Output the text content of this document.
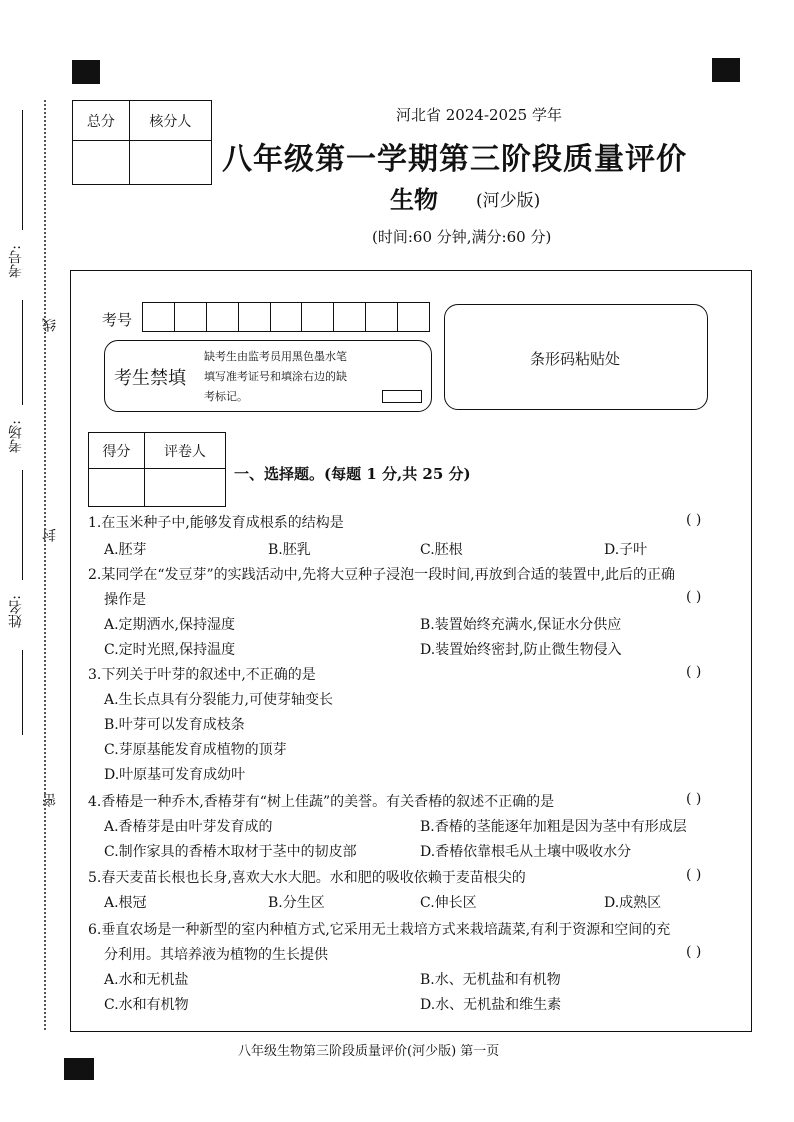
考号:
线
考场:
封
姓名:
密
总分	核分人
		河北省 2024-2025 学年
八年级第一学期第三阶段质量评价
生物 (河少版)
(时间:60 分钟,满分:60 分)
考号
考生禁填
缺考生由监考员用黑色墨水笔
填写准考证号和填涂右边的缺
考标记。
条形码粘贴处
得分	评卷人

一、选择题。(每题 1 分,共 25 分)
1.在玉米种子中,能够发育成根系的结构是	( )
A.胚芽	B.胚乳	C.胚根	D.子叶
2.某同学在“发豆芽”的实践活动中,先将大豆种子浸泡一段时间,再放到合适的装置中,此后的正确
操作是	( )
A.定期洒水,保持湿度	B.装置始终充满水,保证水分供应
C.定时光照,保持温度	D.装置始终密封,防止微生物侵入
3.下列关于叶芽的叙述中,不正确的是	( )
A.生长点具有分裂能力,可使芽轴变长
B.叶芽可以发育成枝条
C.芽原基能发育成植物的顶芽
D.叶原基可发育成幼叶
4.香椿是一种乔木,香椿芽有“树上佳蔬”的美誉。有关香椿的叙述不正确的是	( )
A.香椿芽是由叶芽发育成的	B.香椿的茎能逐年加粗是因为茎中有形成层
C.制作家具的香椿木取材于茎中的韧皮部	D.香椿依靠根毛从土壤中吸收水分
5.春天麦苗长根也长身,喜欢大水大肥。水和肥的吸收依赖于麦苗根尖的	( )
A.根冠	B.分生区	C.伸长区	D.成熟区
6.垂直农场是一种新型的室内种植方式,它采用无土栽培方式来栽培蔬菜,有利于资源和空间的充
分利用。其培养液为植物的生长提供	( )
A.水和无机盐	B.水、无机盐和有机物
C.水和有机物	D.水、无机盐和维生素
八年级生物第三阶段质量评价(河少版) 第一页
